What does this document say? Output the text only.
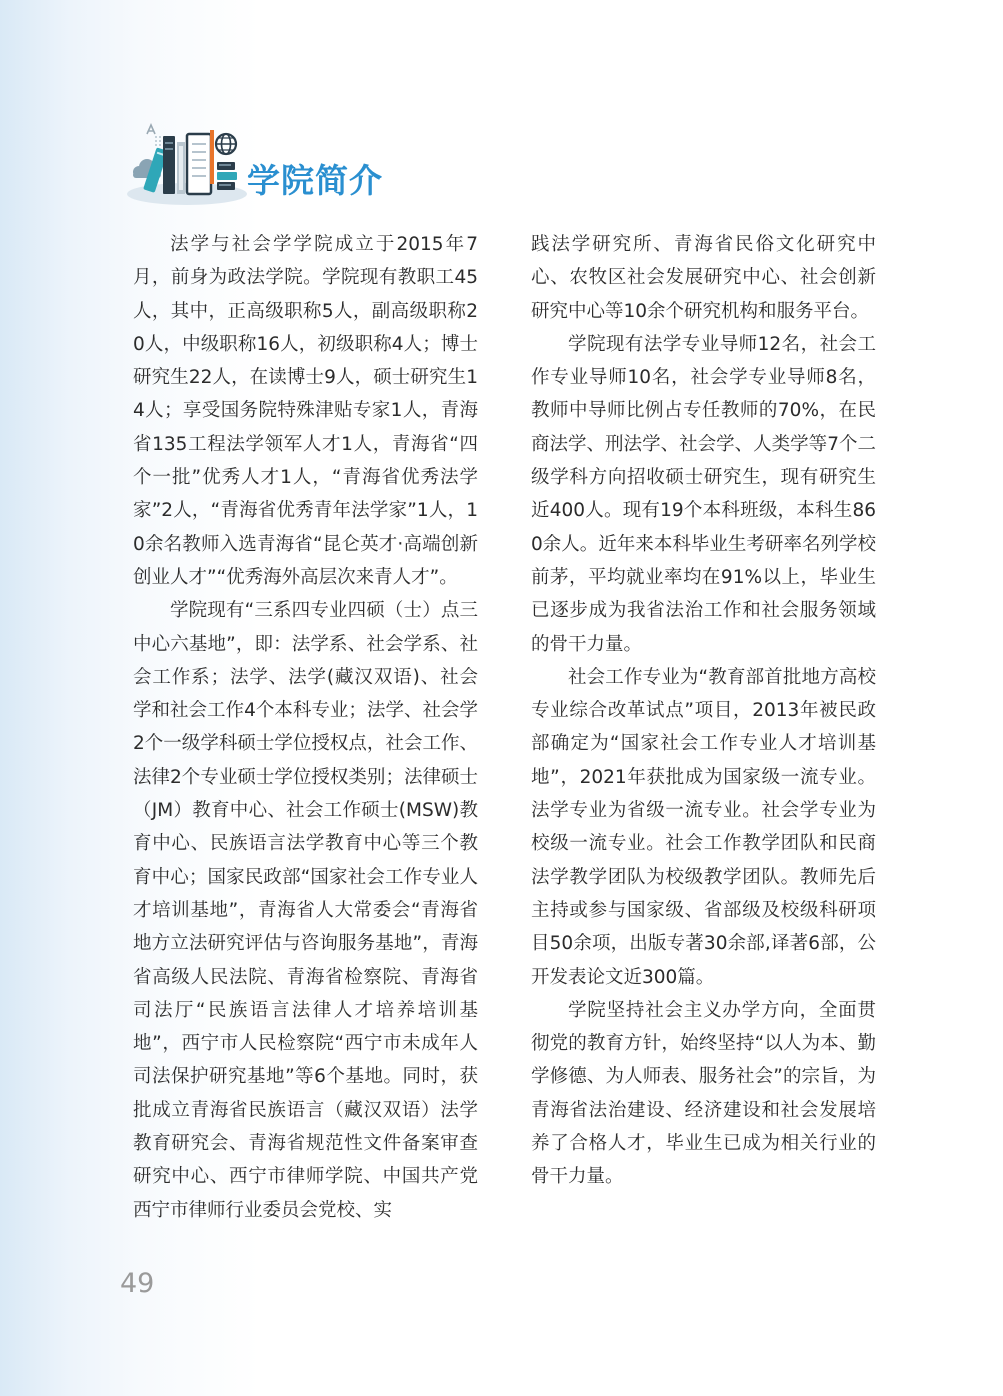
学院简介

法学与社会学学院成立于2015年7月，前身为政法学院。学院现有教职工45人，其中，正高级职称5人，副高级职称20人，中级职称16人，初级职称4人；博士研究生22人，在读博士9人，硕士研究生14人；享受国务院特殊津贴专家1人，青海省135工程法学领军人才1人，青海省“四个一批”优秀人才1人，“青海省优秀法学家”2人，“青海省优秀青年法学家”1人，10余名教师入选青海省“昆仑英才·高端创新创业人才”“优秀海外高层次来青人才”。

学院现有“三系四专业四硕（士）点三中心六基地”，即：法学系、社会学系、社会工作系；法学、法学(藏汉双语)、社会学和社会工作4个本科专业；法学、社会学2个一级学科硕士学位授权点，社会工作、法律2个专业硕士学位授权类别；法律硕士（JM）教育中心、社会工作硕士(MSW)教育中心、民族语言法学教育中心等三个教育中心；国家民政部“国家社会工作专业人才培训基地”，青海省人大常委会“青海省地方立法研究评估与咨询服务基地”，青海省高级人民法院、青海省检察院、青海省司法厅“民族语言法律人才培养培训基地”，西宁市人民检察院“西宁市未成年人司法保护研究基地”等6个基地。同时，获批成立青海省民族语言（藏汉双语）法学教育研究会、青海省规范性文件备案审查研究中心、西宁市律师学院、中国共产党西宁市律师行业委员会党校、实

践法学研究所、青海省民俗文化研究中心、农牧区社会发展研究中心、社会创新研究中心等10余个研究机构和服务平台。

学院现有法学专业导师12名，社会工作专业导师10名，社会学专业导师8名，教师中导师比例占专任教师的70%，在民商法学、刑法学、社会学、人类学等7个二级学科方向招收硕士研究生，现有研究生近400人。现有19个本科班级，本科生860余人。近年来本科毕业生考研率名列学校前茅，平均就业率均在91%以上，毕业生已逐步成为我省法治工作和社会服务领域的骨干力量。

社会工作专业为“教育部首批地方高校专业综合改革试点”项目，2013年被民政部确定为“国家社会工作专业人才培训基地”，2021年获批成为国家级一流专业。法学专业为省级一流专业。社会学专业为校级一流专业。社会工作教学团队和民商法学教学团队为校级教学团队。教师先后主持或参与国家级、省部级及校级科研项目50余项，出版专著30余部,译著6部，公开发表论文近300篇。

学院坚持社会主义办学方向，全面贯彻党的教育方针，始终坚持“以人为本、勤学修德、为人师表、服务社会”的宗旨，为青海省法治建设、经济建设和社会发展培养了合格人才，毕业生已成为相关行业的骨干力量。

49
